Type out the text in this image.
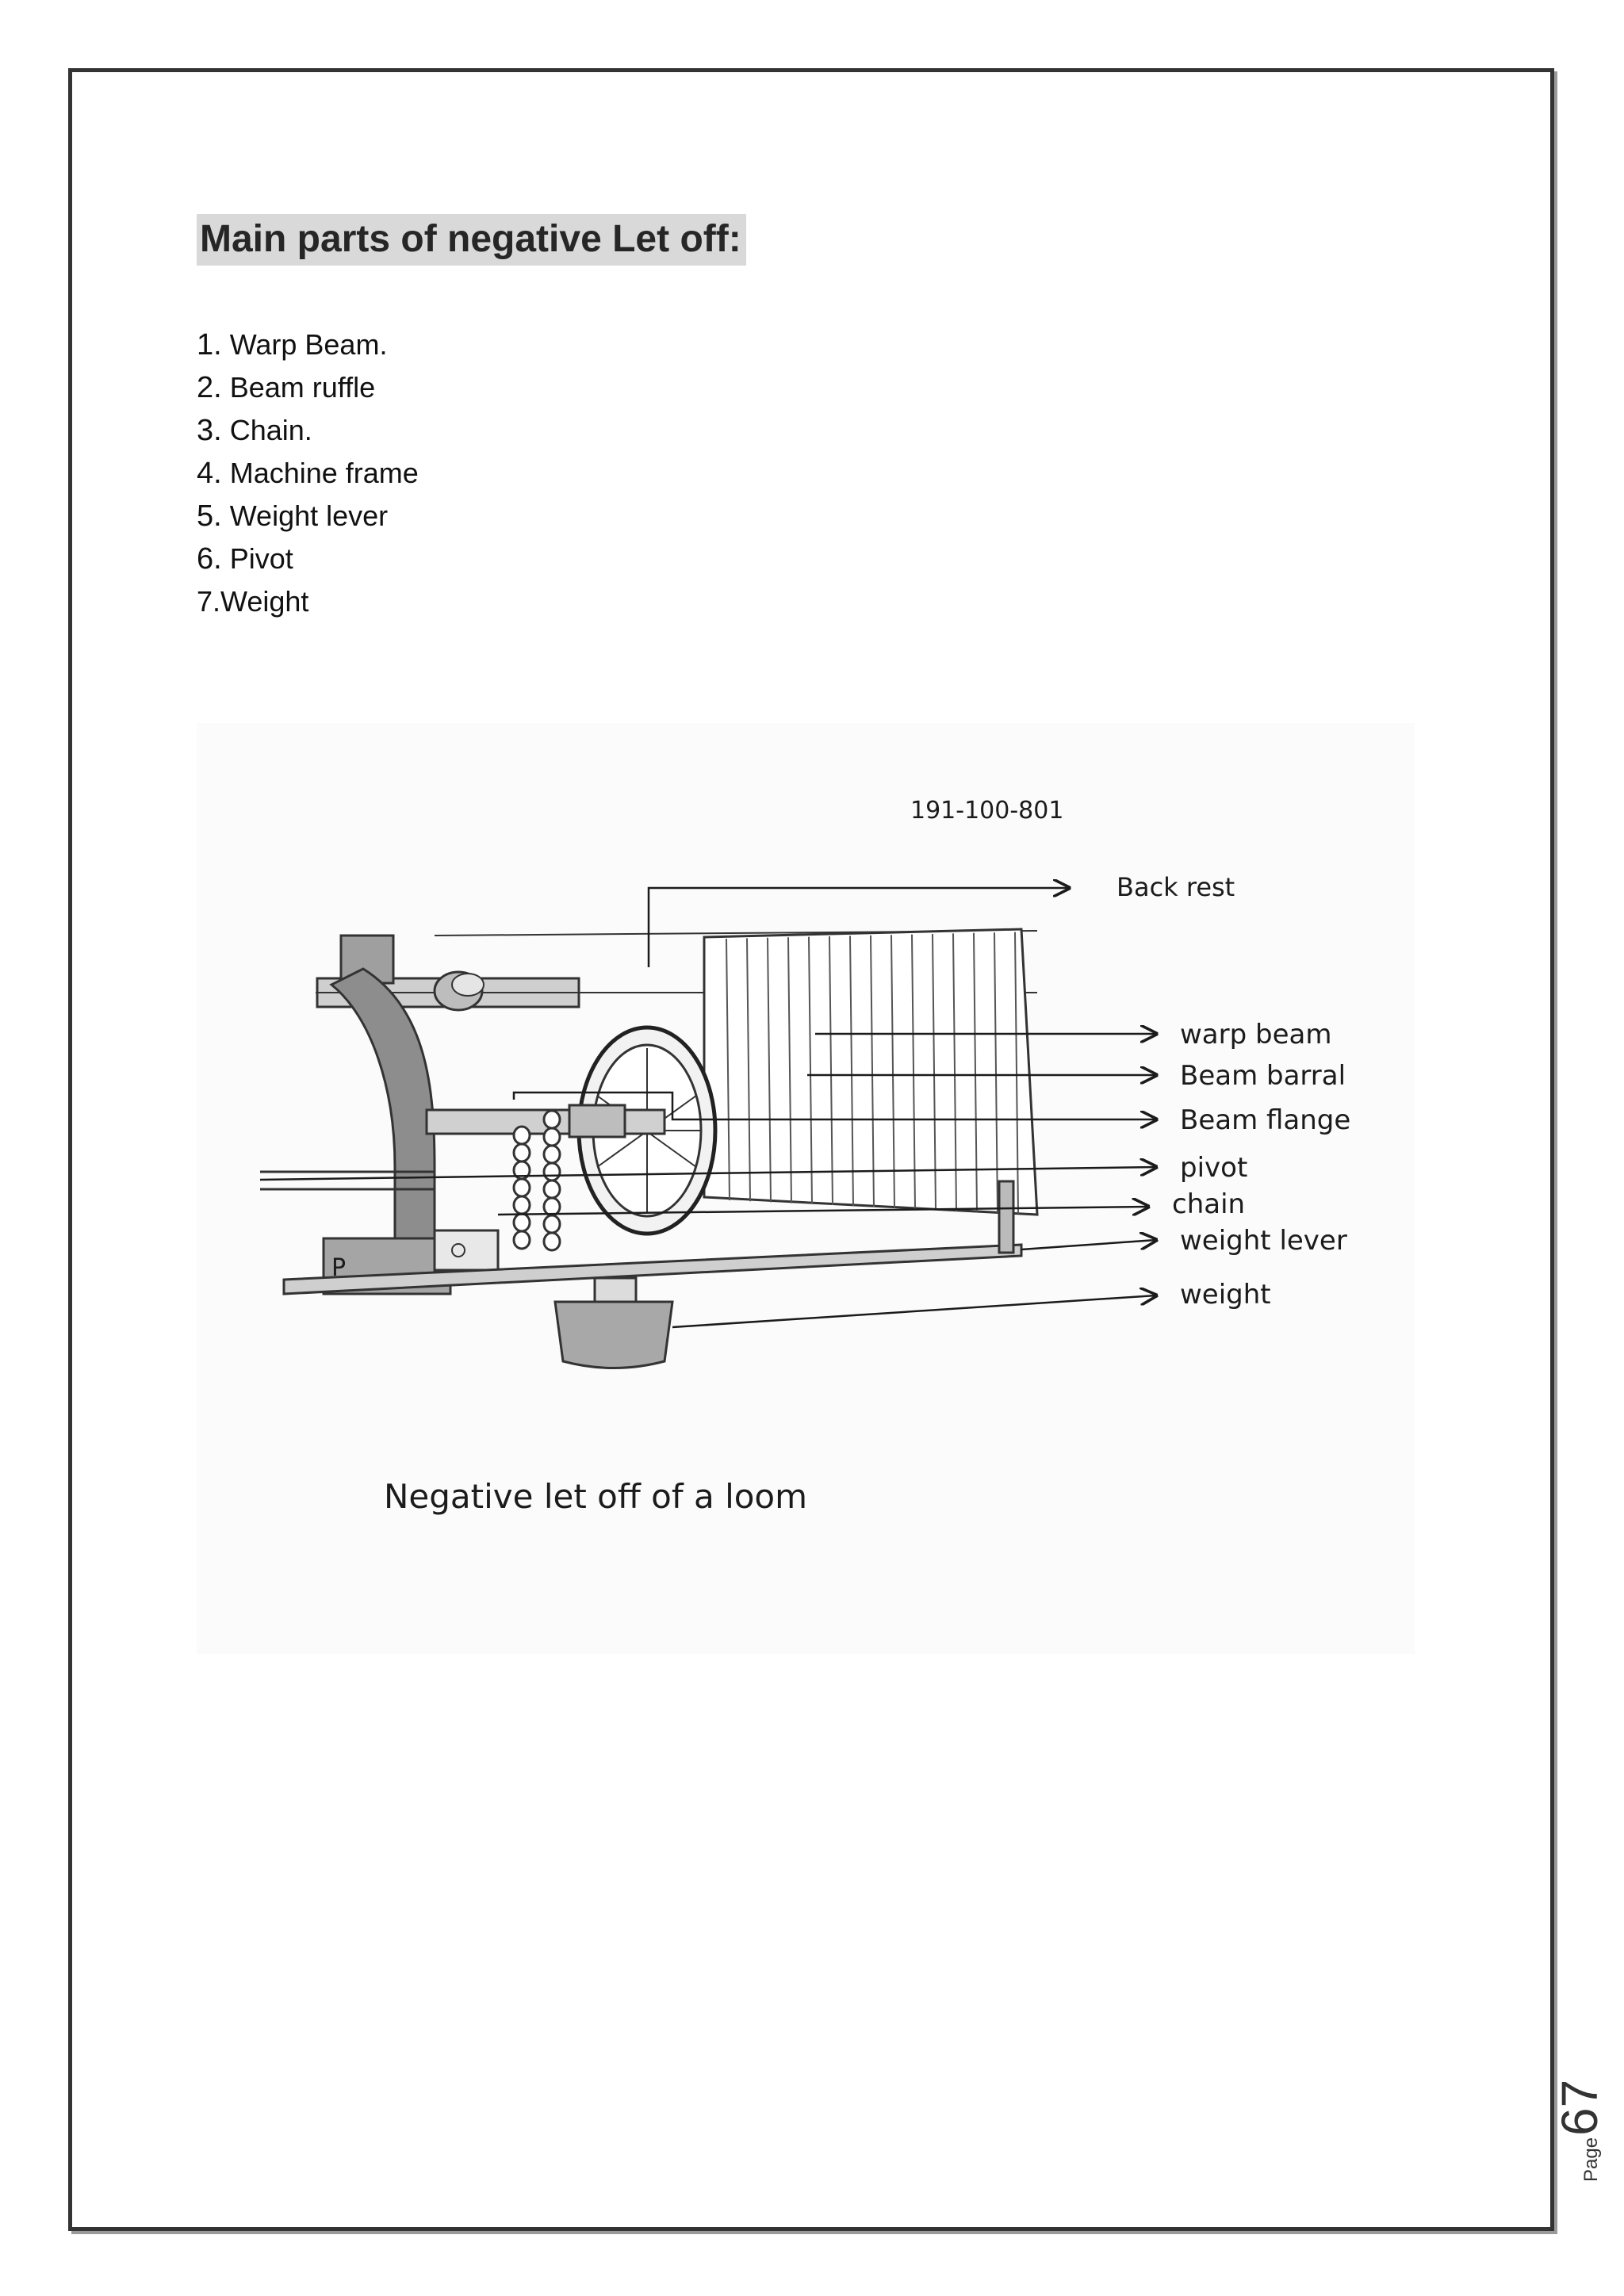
Main parts of negative Let off:
1. Warp Beam.
2. Beam ruffle
3. Chain.
4. Machine frame
5. Weight lever
6. Pivot
7.Weight
191-100-801
P
Back rest
warp beam
Beam barral
Beam flange
pivot
chain
weight lever
weight
Negative let off of a loom
Page67
